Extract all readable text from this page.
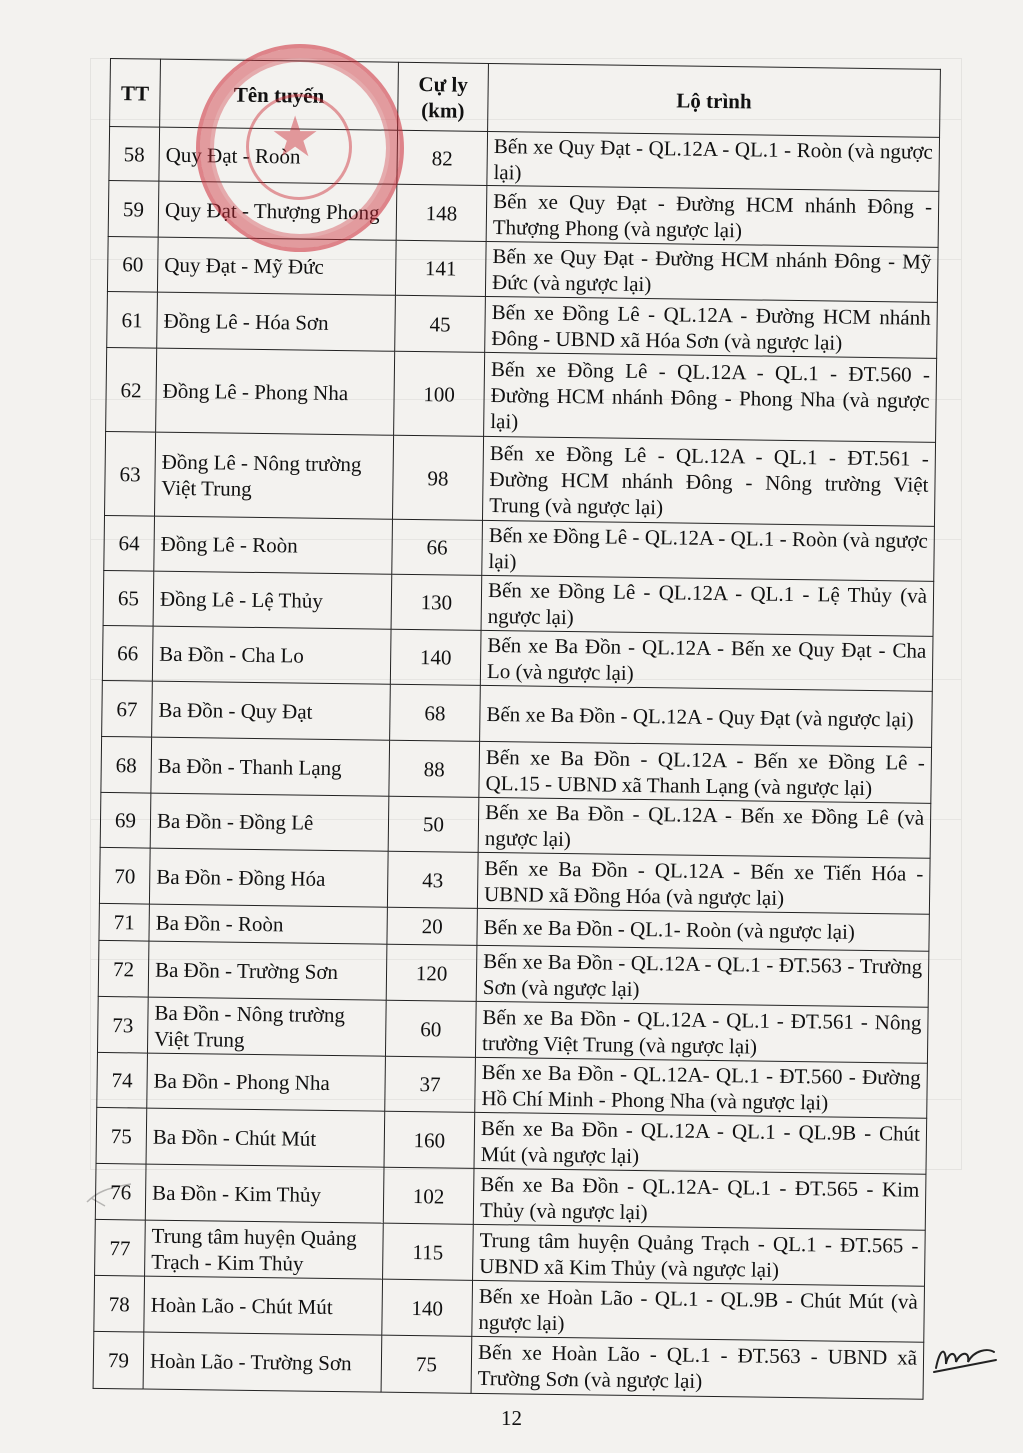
TT	Tên tuyến	Cự ly (km)	Lộ trình
58	Quy Đạt - Roòn	82	Bến xe Quy Đạt - QL.12A - QL.1 - Roòn (và ngược lại)
59	Quy Đạt - Thượng Phong	148	Bến xe Quy Đạt - Đường HCM nhánh Đông - Thượng Phong (và ngược lại)
60	Quy Đạt - Mỹ Đức	141	Bến xe Quy Đạt - Đường HCM nhánh Đông - Mỹ Đức (và ngược lại)
61	Đồng Lê - Hóa Sơn	45	Bến xe Đồng Lê - QL.12A - Đường HCM nhánh Đông - UBND xã Hóa Sơn (và ngược lại)
62	Đồng Lê - Phong Nha	100	Bến xe Đồng Lê - QL.12A - QL.1 - ĐT.560 - Đường HCM nhánh Đông - Phong Nha (và ngược lại)
63	Đồng Lê - Nông trường Việt Trung	98	Bến xe Đồng Lê - QL.12A - QL.1 - ĐT.561 - Đường HCM nhánh Đông - Nông trường Việt Trung (và ngược lại)
64	Đồng Lê - Roòn	66	Bến xe Đồng Lê - QL.12A - QL.1 - Roòn (và ngược lại)
65	Đồng Lê - Lệ Thủy	130	Bến xe Đồng Lê - QL.12A - QL.1 - Lệ Thủy (và ngược lại)
66	Ba Đồn - Cha Lo	140	Bến xe Ba Đồn - QL.12A - Bến xe Quy Đạt - Cha Lo (và ngược lại)
67	Ba Đồn - Quy Đạt	68	Bến xe Ba Đồn - QL.12A - Quy Đạt (và ngược lại)
68	Ba Đồn - Thanh Lạng	88	Bến xe Ba Đồn - QL.12A - Bến xe Đồng Lê - QL.15 - UBND xã Thanh Lạng (và ngược lại)
69	Ba Đồn - Đồng Lê	50	Bến xe Ba Đồn - QL.12A - Bến xe Đồng Lê (và ngược lại)
70	Ba Đồn - Đồng Hóa	43	Bến xe Ba Đồn - QL.12A - Bến xe Tiến Hóa - UBND xã Đồng Hóa (và ngược lại)
71	Ba Đồn - Roòn	20	Bến xe Ba Đồn - QL.1- Roòn (và ngược lại)
72	Ba Đồn - Trường Sơn	120	Bến xe Ba Đồn - QL.12A - QL.1 - ĐT.563 - Trường Sơn (và ngược lại)
73	Ba Đồn - Nông trường Việt Trung	60	Bến xe Ba Đồn - QL.12A - QL.1 - ĐT.561 - Nông trường Việt Trung (và ngược lại)
74	Ba Đồn - Phong Nha	37	Bến xe Ba Đồn - QL.12A- QL.1 - ĐT.560 - Đường Hồ Chí Minh - Phong Nha (và ngược lại)
75	Ba Đồn - Chút Mút	160	Bến xe Ba Đồn - QL.12A - QL.1 - QL.9B - Chút Mút (và ngược lại)
76	Ba Đồn - Kim Thủy	102	Bến xe Ba Đồn - QL.12A- QL.1 - ĐT.565 - Kim Thủy (và ngược lại)
77	Trung tâm huyện Quảng Trạch - Kim Thủy	115	Trung tâm huyện Quảng Trạch - QL.1 - ĐT.565 - UBND xã Kim Thủy (và ngược lại)
78	Hoàn Lão - Chút Mút	140	Bến xe Hoàn Lão - QL.1 - QL.9B - Chút Mút (và ngược lại)
79	Hoàn Lão - Trường Sơn	75	Bến xe Hoàn Lão - QL.1 - ĐT.563 - UBND xã Trường Sơn (và ngược lại)
★
12
